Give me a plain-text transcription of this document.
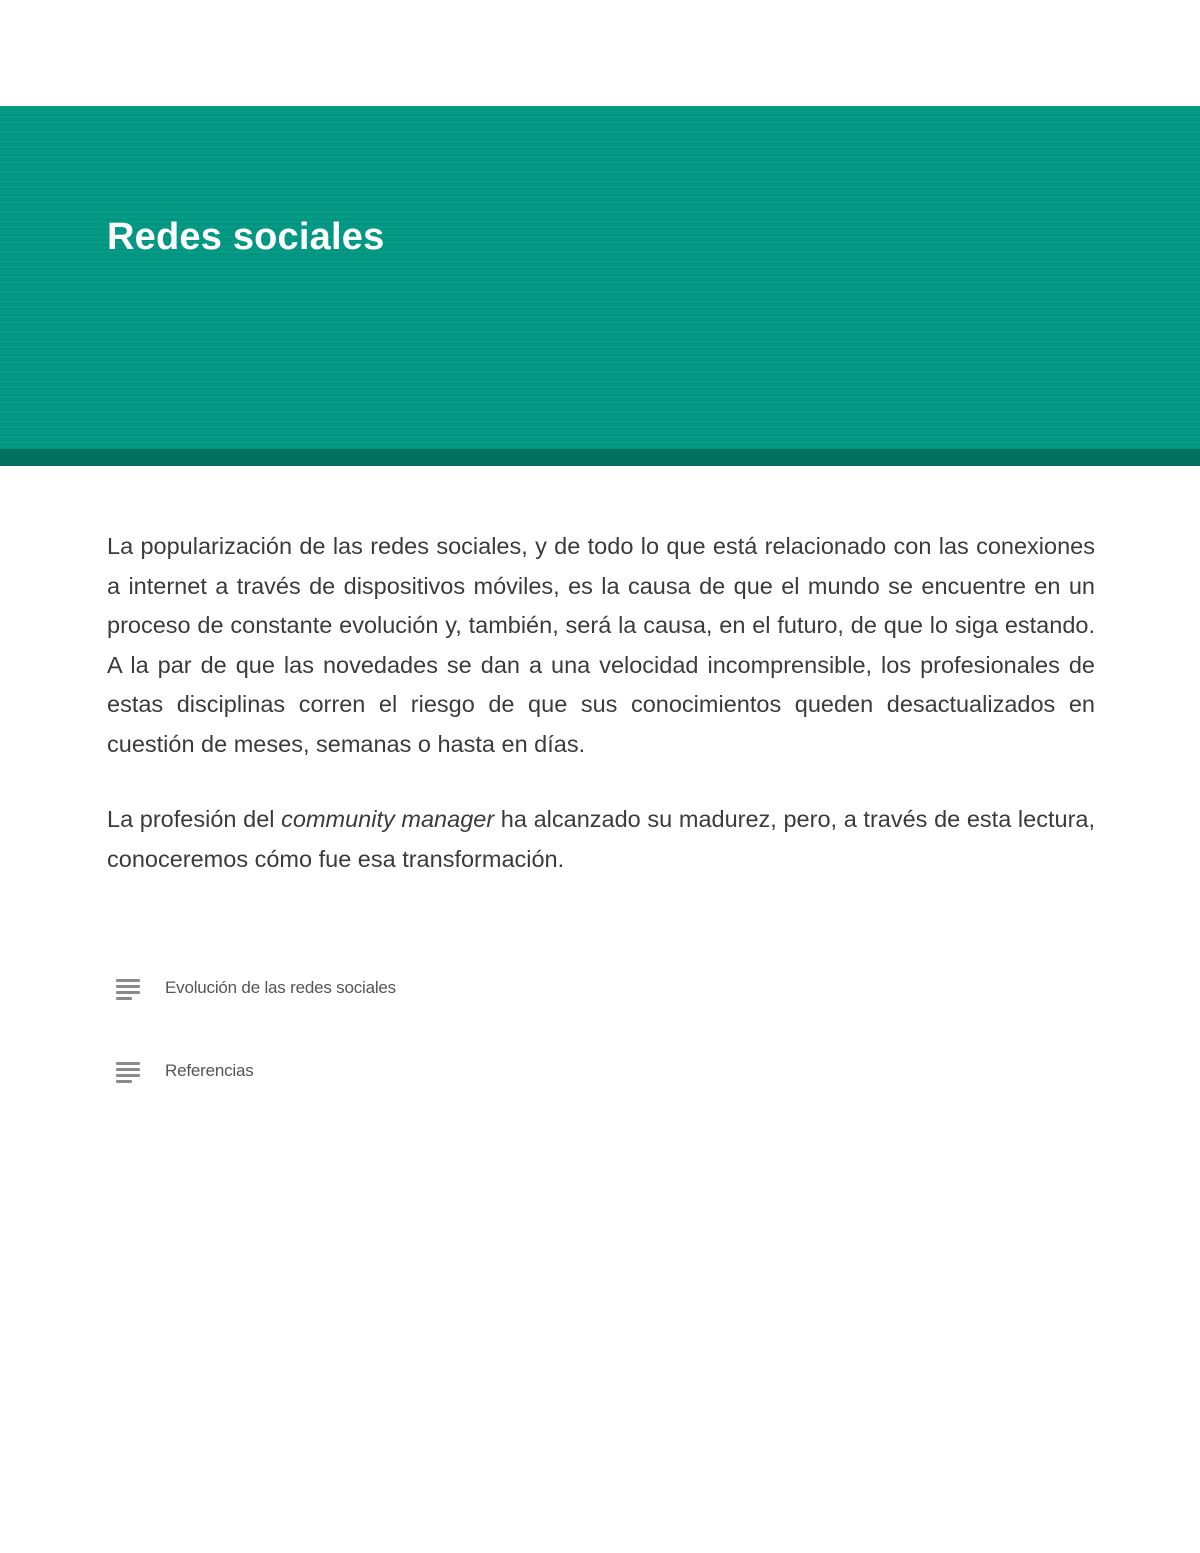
Redes sociales

La popularización de las redes sociales, y de todo lo que está relacionado con las conexiones a internet a través de dispositivos móviles, es la causa de que el mundo se encuentre en un proceso de constante evolución y, también, será la causa, en el futuro, de que lo siga estando. A la par de que las novedades se dan a una velocidad incomprensible, los profesionales de estas disciplinas corren el riesgo de que sus conocimientos queden desactualizados en cuestión de meses, semanas o hasta en días.

La profesión del community manager ha alcanzado su madurez, pero, a través de esta lectura, conoceremos cómo fue esa transformación.

Evolución de las redes sociales
Referencias
